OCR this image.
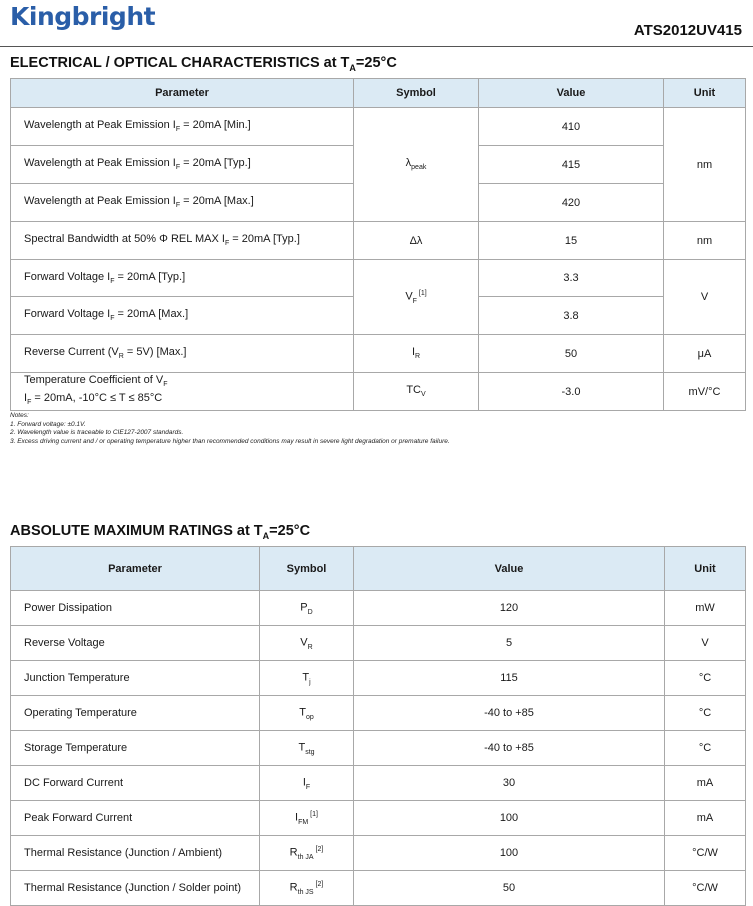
Kingbright	ATS2012UV415
ELECTRICAL / OPTICAL CHARACTERISTICS at $T_A=25^\circ C$
Parameter	Symbol	Value	Unit
Wavelength at Peak Emission $I_F = 20mA$ [Min.]	$\lambda_{peak}$	410	nm
Wavelength at Peak Emission $I_F = 20mA$ [Typ.]		415	
Wavelength at Peak Emission $I_F = 20mA$ [Max.]		420	
Spectral Bandwidth at 50% Φ REL MAX $I_F = 20mA$ [Typ.]	Δλ	15	nm
Forward Voltage $I_F = 20mA$ [Typ.]	$V_F$ [1]	3.3	V
Forward Voltage $I_F = 20mA$ [Max.]		3.8	
Reverse Current $(V_R = 5V)$ [Max.]	$I_R$	50	μA
Temperature Coefficient of $V_F$
$I_F = 20mA$, -10°C ≤ T ≤ 85°C	$TC_V$	-3.0	mV/°C
Notes:
1. Forward voltage: ±0.1V.
2. Wavelength value is traceable to CIE127-2007 standards.
3. Excess driving current and / or operating temperature higher than recommended conditions may result in severe light degradation or premature failure.
ABSOLUTE MAXIMUM RATINGS at $T_A=25^\circ C$
Parameter	Symbol	Value	Unit
Power Dissipation	$P_D$	120	mW
Reverse Voltage	$V_R$	5	V
Junction Temperature	$T_j$	115	°C
Operating Temperature	$T_{op}$	-40 to +85	°C
Storage Temperature	$T_{stg}$	-40 to +85	°C
DC Forward Current	$I_F$	30	mA
Peak Forward Current	$I_{FM}$ [1]	100	mA
Thermal Resistance (Junction / Ambient)	$R_{th JA}$ [2]	100	°C/W
Thermal Resistance (Junction / Solder point)	$R_{th JS}$ [2]	50	°C/W
